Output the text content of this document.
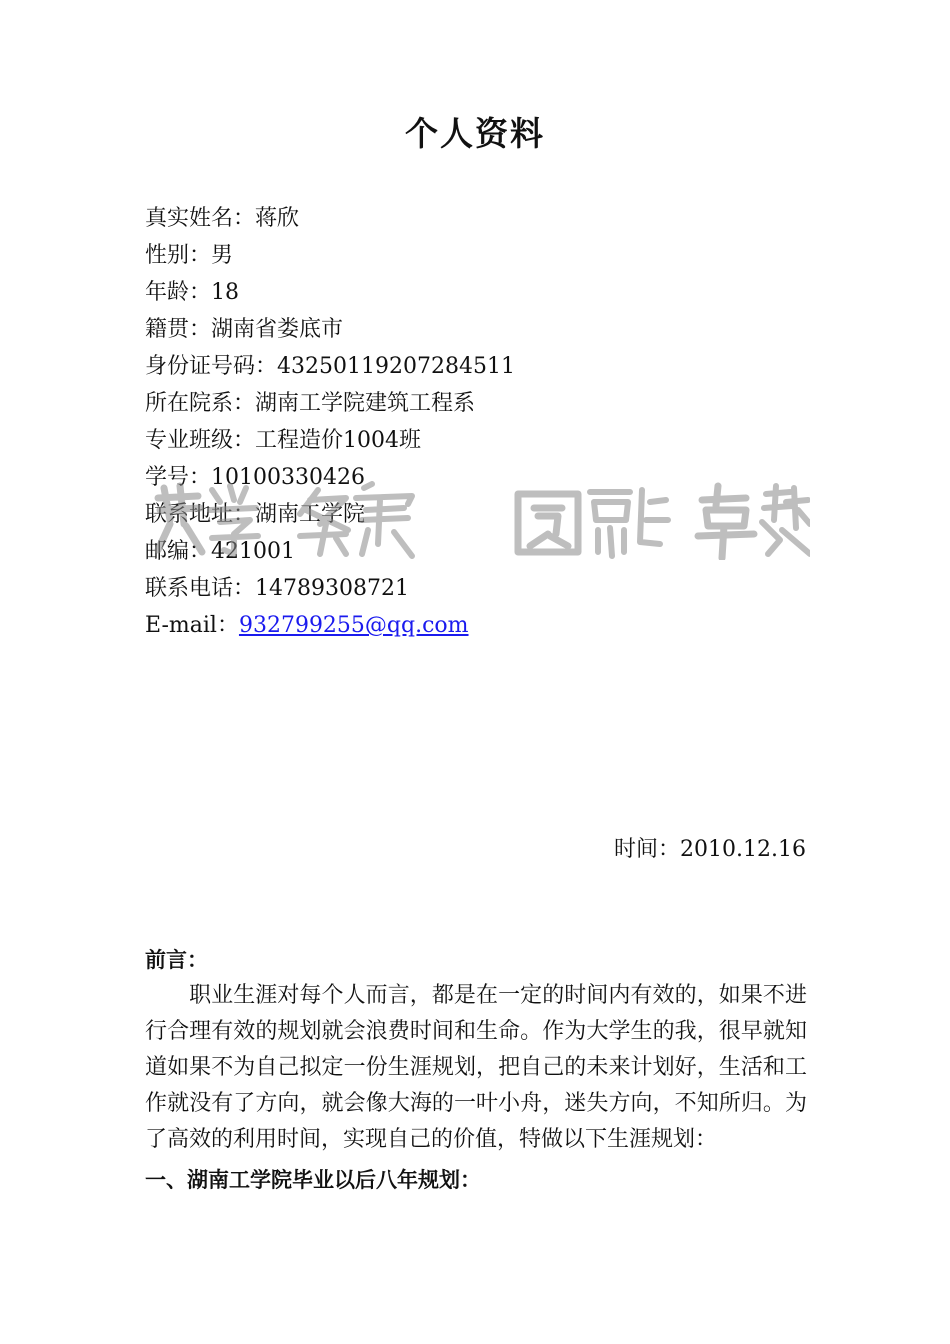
个人资料
真实姓名：蒋欣
性别：男
年龄：18
籍贯：湖南省娄底市
身份证号码：43250119207284511
所在院系：湖南工学院建筑工程系
专业班级：工程造价1004班
学号：10100330426
联系地址：湖南工学院
邮编：421001
联系电话：14789308721
E-mail：932799255@qq.com
时间：2010.12.16
前言：
职业生涯对每个人而言，都是在一定的时间内有效的，如果不进行合理有效的规划就会浪费时间和生命。作为大学生的我，很早就知道如果不为自己拟定一份生涯规划，把自己的未来计划好，生活和工作就没有了方向，就会像大海的一叶小舟，迷失方向，不知所归。为了高效的利用时间，实现自己的价值，特做以下生涯规划：
一、湖南工学院毕业以后八年规划：
